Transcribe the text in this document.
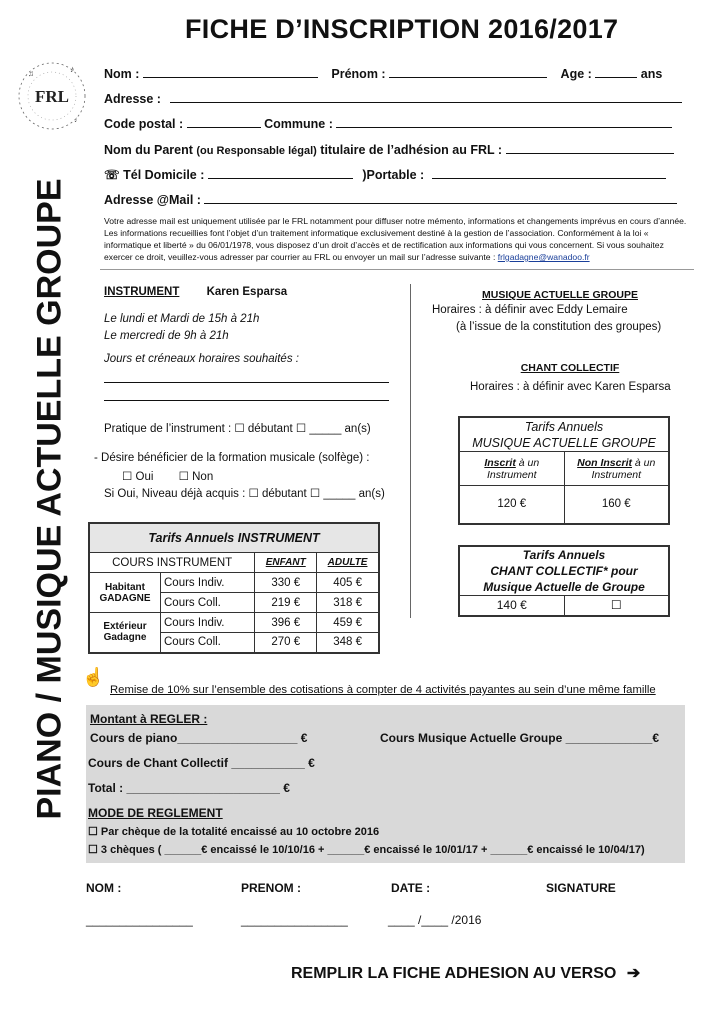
FICHE D’INSCRIPTION 2016/2017
FRL
♪
♫
♩
PIANO / MUSIQUE ACTUELLE GROUPE
Nom :	Prénom :	Age :	ans
Adresse :
Code postal :	Commune :
Nom du Parent (ou Responsable légal) titulaire de l’adhésion au FRL :
☏ Tél Domicile :	)Portable :
Adresse @Mail :
Votre adresse mail est uniquement utilisée par le FRL notamment pour diffuser notre mémento, informations et changements imprévus en cours d’année. Les informations recueillies font l’objet d’un traitement informatique exclusivement destiné à la gestion de l’association. Conformément à la loi « informatique et liberté » du 06/01/1978, vous disposez d’un droit d’accès et de rectification aux informations qui vous concernent. Si vous souhaitez exercer ce droit, veuillez-vous adresser par courrier au FRL ou envoyer un mail sur l’adresse suivante : frlgadagne@wanadoo.fr
INSTRUMENT Karen Esparsa
Le lundi et Mardi de 15h à 21h
Le mercredi de 9h à 21h
Jours et créneaux horaires souhaités :
Pratique de l’instrument : ☐ débutant ☐ _____ an(s)
- Désire bénéficier de la formation musicale (solfège) :
☐ Oui ☐ Non
Si Oui, Niveau déjà acquis : ☐ débutant ☐ _____ an(s)
Tarifs Annuels INSTRUMENT			
COURS INSTRUMENT		ENFANT	ADULTE
Habitant GADAGNE	Cours Indiv.	330 €	405 €
	Cours Coll.	219 €	318 €
Extérieur Gadagne	Cours Indiv.	396 €	459 €
	Cours Coll.	270 €	348 €
MUSIQUE ACTUELLE GROUPE
Horaires : à définir avec Eddy Lemaire
(à l’issue de la constitution des groupes)
CHANT COLLECTIF
Horaires : à définir avec Karen Esparsa
Tarifs Annuels	
MUSIQUE ACTUELLE GROUPE	
Inscrit à un Instrument	Non Inscrit à un Instrument
120 €	160 €
Tarifs Annuels
CHANT COLLECTIF* pour
Musique Actuelle de Groupe
140 €	☐
☝
Remise de 10% sur l’ensemble des cotisations à compter de 4 activités payantes au sein d’une même famille
Montant à REGLER :
Cours de piano__________________ €	Cours Musique Actuelle Groupe _____________€
Cours de Chant Collectif ___________ €
Total : _______________________ €
MODE DE REGLEMENT
☐ Par chèque de la totalité encaissé au 10 octobre 2016
☐ 3 chèques ( ______€ encaissé le 10/10/16 + ______€ encaissé le 10/01/17 + ______€ encaissé le 10/04/17)
NOM :	PRENOM :	DATE :	SIGNATURE
________________	________________	____ /____ /2016
REMPLIR LA FICHE ADHESION AU VERSO ➔
